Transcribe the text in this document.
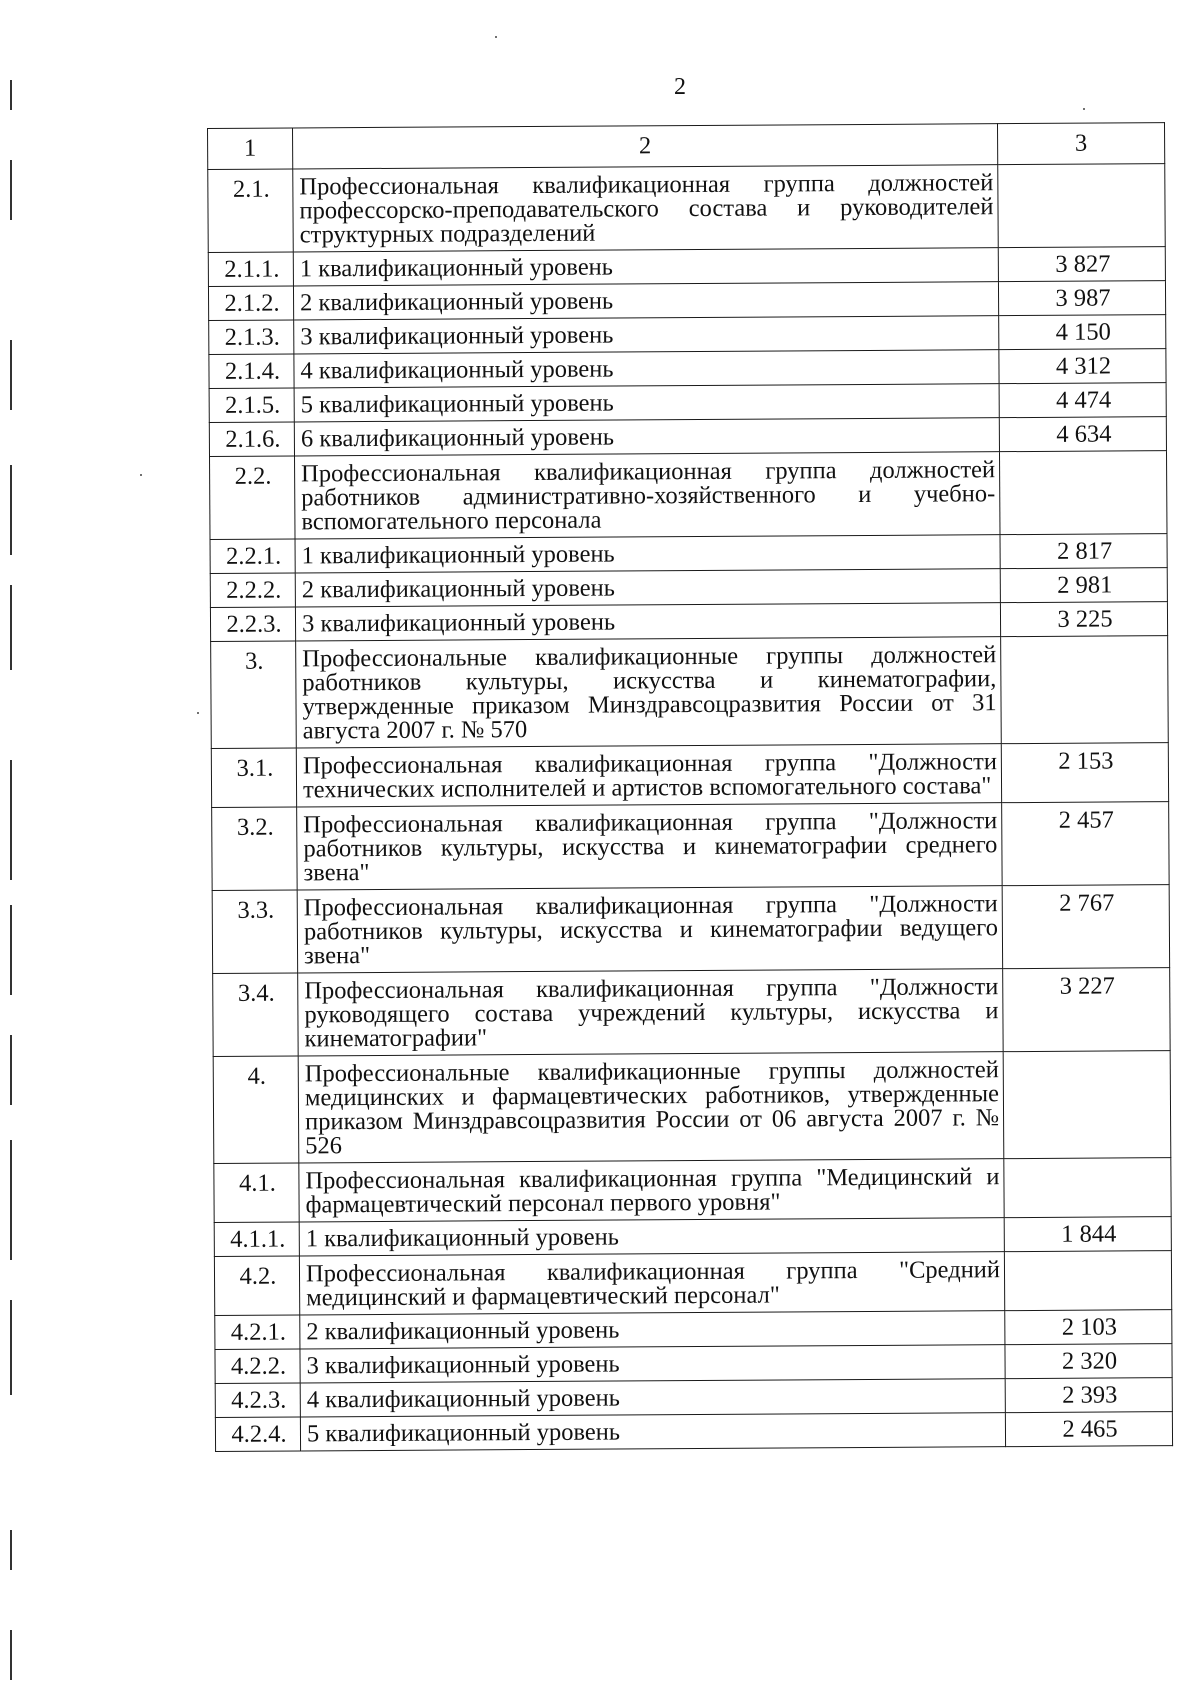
2
1	2	3
2.1.	Профессиональная квалификационная группа должностей профессорско-преподавательского состава и руководителей структурных подразделений	
2.1.1.	1 квалификационный уровень	3 827
2.1.2.	2 квалификационный уровень	3 987
2.1.3.	3 квалификационный уровень	4 150
2.1.4.	4 квалификационный уровень	4 312
2.1.5.	5 квалификационный уровень	4 474
2.1.6.	6 квалификационный уровень	4 634
2.2.	Профессиональная квалификационная группа должностей работников административно-хозяйственного и учебно-вспомогательного персонала	
2.2.1.	1 квалификационный уровень	2 817
2.2.2.	2 квалификационный уровень	2 981
2.2.3.	3 квалификационный уровень	3 225
3.	Профессиональные квалификационные группы должностей работников культуры, искусства и кинематографии, утвержденные приказом Минздравсоцразвития России от 31 августа 2007 г. № 570	
3.1.	Профессиональная квалификационная группа "Должности технических исполнителей и артистов вспомогательного состава"	2 153
3.2.	Профессиональная квалификационная группа "Должности работников культуры, искусства и кинематографии среднего звена"	2 457
3.3.	Профессиональная квалификационная группа "Должности работников культуры, искусства и кинематографии ведущего звена"	2 767
3.4.	Профессиональная квалификационная группа "Должности руководящего состава учреждений культуры, искусства и кинематографии"	3 227
4.	Профессиональные квалификационные группы должностей медицинских и фармацевтических работников, утвержденные приказом Минздравсоцразвития России от 06 августа 2007 г. № 526	
4.1.	Профессиональная квалификационная группа "Медицинский и фармацевтический персонал первого уровня"	
4.1.1.	1 квалификационный уровень	1 844
4.2.	Профессиональная квалификационная группа "Средний медицинский и фармацевтический персонал"	
4.2.1.	2 квалификационный уровень	2 103
4.2.2.	3 квалификационный уровень	2 320
4.2.3.	4 квалификационный уровень	2 393
4.2.4.	5 квалификационный уровень	2 465
